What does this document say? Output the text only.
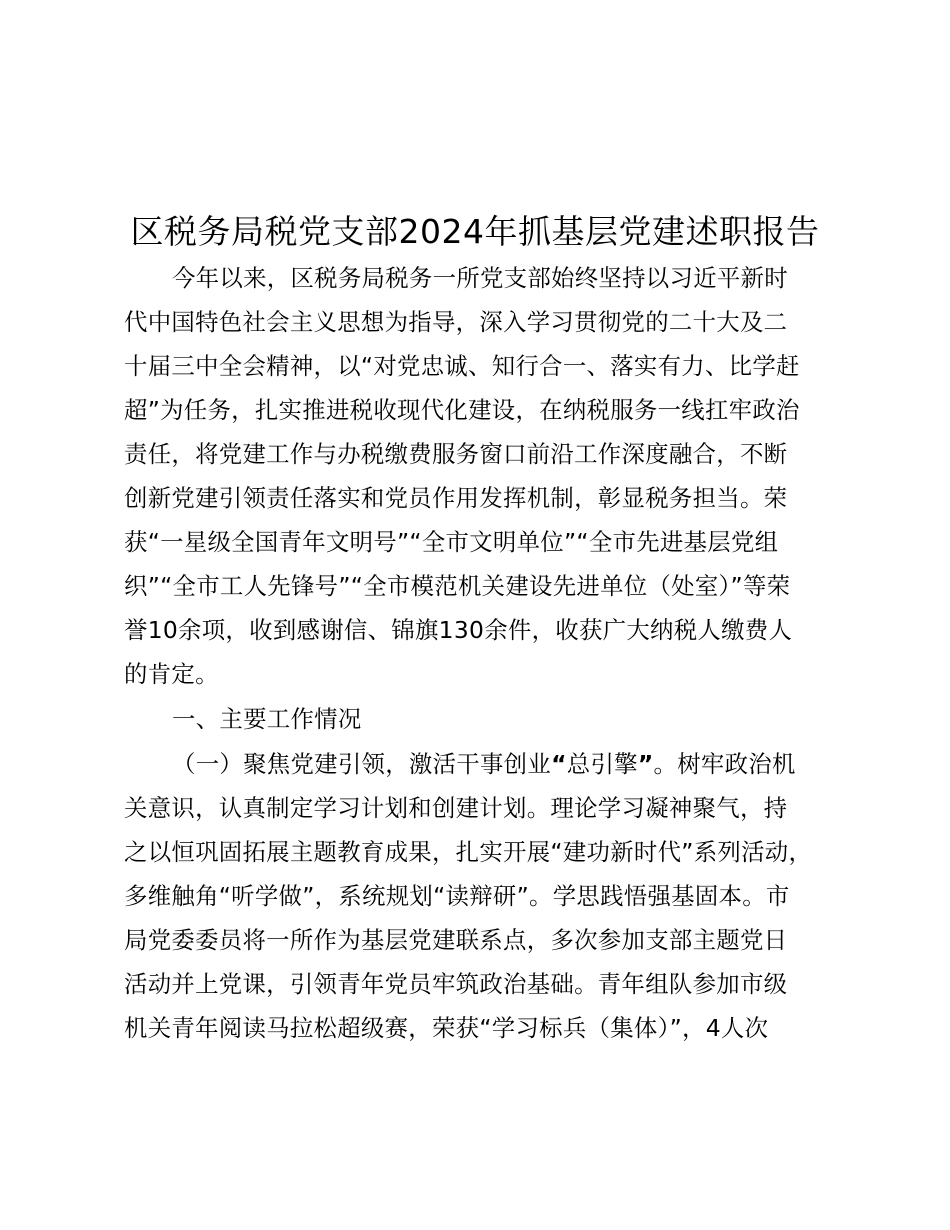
区税务局税党支部2024年抓基层党建述职报告
今年以来，区税务局税务一所党支部始终坚持以习近平新时
代中国特色社会主义思想为指导，深入学习贯彻党的二十大及二
十届三中全会精神，以“对党忠诚、知行合一、落实有力、比学赶
超”为任务，扎实推进税收现代化建设，在纳税服务一线扛牢政治
责任，将党建工作与办税缴费服务窗口前沿工作深度融合，不断
创新党建引领责任落实和党员作用发挥机制，彰显税务担当。荣
获“一星级全国青年文明号”“全市文明单位”“全市先进基层党组
织”“全市工人先锋号”“全市模范机关建设先进单位（处室）”等荣
誉10余项，收到感谢信、锦旗130余件，收获广大纳税人缴费人
的肯定。
一、主要工作情况
（一）聚焦党建引领，激活干事创业“总引擎”。树牢政治机
关意识，认真制定学习计划和创建计划。理论学习凝神聚气，持
之以恒巩固拓展主题教育成果，扎实开展“建功新时代”系列活动，
多维触角“听学做”，系统规划“读辩研”。学思践悟强基固本。市
局党委委员将一所作为基层党建联系点，多次参加支部主题党日
活动并上党课，引领青年党员牢筑政治基础。青年组队参加市级
机关青年阅读马拉松超级赛，荣获“学习标兵（集体）”，4人次
